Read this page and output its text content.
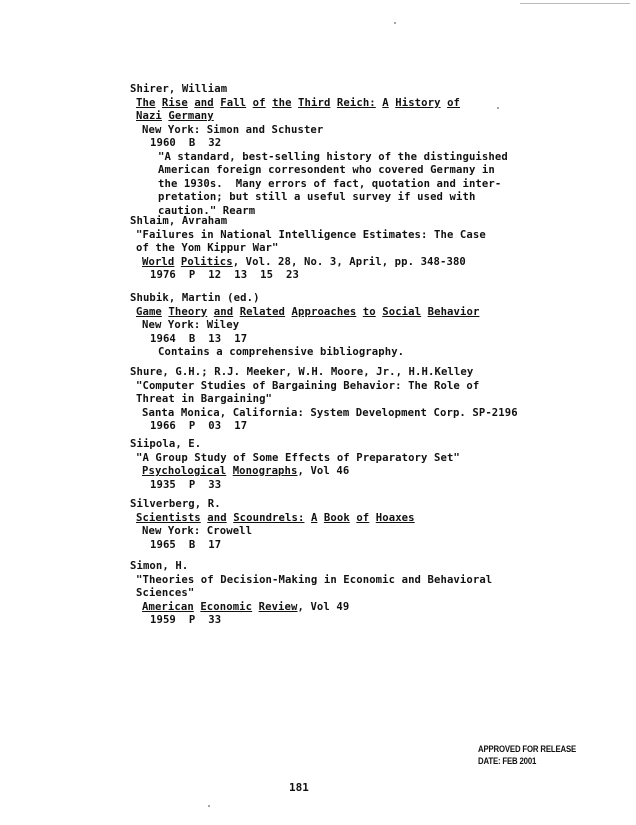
Shirer, William
The Rise and Fall of the Third Reich: A History of
Nazi Germany
New York: Simon and Schuster
1960  B  32
"A standard, best-selling history of the distinguished
American foreign corresondent who covered Germany in
the 1930s.  Many errors of fact, quotation and inter-
pretation; but still a useful survey if used with
caution." Rearm
Shlaim, Avraham
"Failures in National Intelligence Estimates: The Case
of the Yom Kippur War"
World Politics, Vol. 28, No. 3, April, pp. 348-380
1976  P  12  13  15  23
Shubik, Martin (ed.)
Game Theory and Related Approaches to Social Behavior
New York: Wiley
1964  B  13  17
Contains a comprehensive bibliography.
Shure, G.H.; R.J. Meeker, W.H. Moore, Jr., H.H.Kelley
"Computer Studies of Bargaining Behavior: The Role of
Threat in Bargaining"
Santa Monica, California: System Development Corp. SP-2196
1966  P  03  17
Siipola, E.
"A Group Study of Some Effects of Preparatory Set"
Psychological Monographs, Vol 46
1935  P  33
Silverberg, R.
Scientists and Scoundrels: A Book of Hoaxes
New York: Crowell
1965  B  17
Simon, H.
"Theories of Decision-Making in Economic and Behavioral
Sciences"
American Economic Review, Vol 49
1959  P  33
APPROVED FOR RELEASE
DATE: FEB 2001
181
